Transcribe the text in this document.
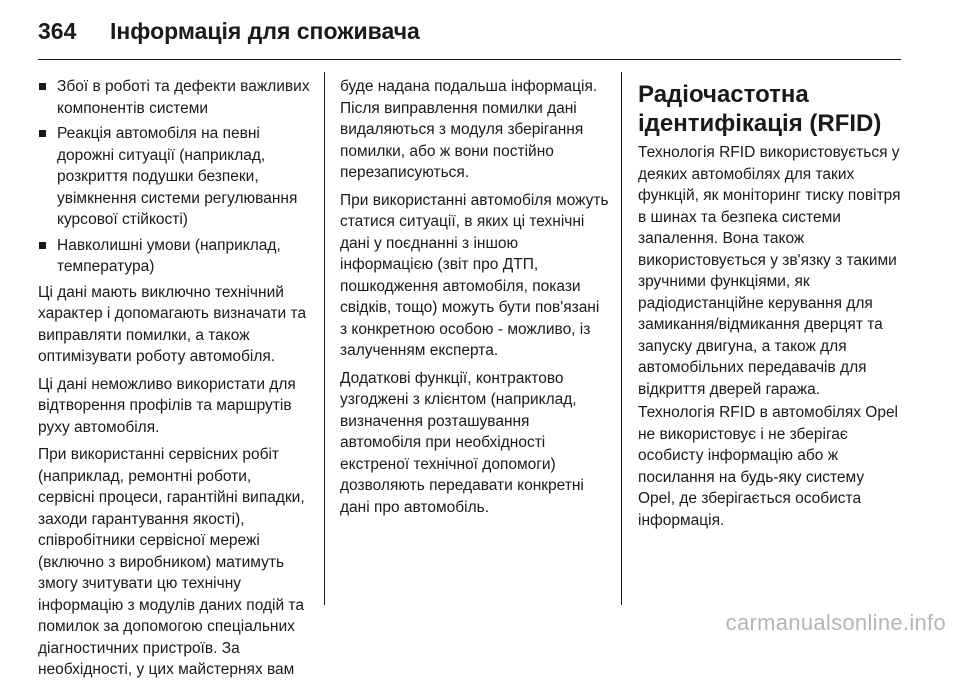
364 Інформація для споживача
Збої в роботі та дефекти важливих компонентів системи
Реакція автомобіля на певні дорожні ситуації (наприклад, розкриття подушки безпеки, увімкнення системи регулювання курсової стійкості)
Навколишні умови (наприклад, температура)

Ці дані мають виключно технічний характер і допомагають визначати та виправляти помилки, а також оптимізувати роботу автомобіля.

Ці дані неможливо використати для відтворення профілів та маршрутів руху автомобіля.

При використанні сервісних робіт (наприклад, ремонтні роботи, сервісні процеси, гарантійні випадки, заходи гарантування якості), співробітники сервісної мережі (включно з виробником) матимуть змогу зчитувати цю технічну інформацію з модулів даних подій та помилок за допомогою спеціальних діагностичних пристроїв. За необхідності, у цих майстернях вам

буде надана подальша інформація. Після виправлення помилки дані видаляються з модуля зберігання помилки, або ж вони постійно перезаписуються.

При використанні автомобіля можуть статися ситуації, в яких ці технічні дані у поєднанні з іншою інформацією (звіт про ДТП, пошкодження автомобіля, покази свідків, тощо) можуть бути пов'язані з конкретною особою - можливо, із залученням експерта.

Додаткові функції, контрактово узгоджені з клієнтом (наприклад, визначення розташування автомобіля при необхідності екстреної технічної допомоги) дозволяють передавати конкретні дані про автомобіль.

Радіочастотна ідентифікація (RFID)

Технологія RFID використовується у деяких автомобілях для таких функцій, як моніторинг тиску повітря в шинах та безпека системи запалення. Вона також використовується у зв'язку з такими зручними функціями, як радіодистанційне керування для замикання/відмикання дверцят та запуску двигуна, а також для автомобільних передавачів для відкриття дверей гаража.

Технологія RFID в автомобілях Opel не використовує і не зберігає особисту інформацію або ж посилання на будь-яку систему Opel, де зберігається особиста інформація.

carmanualsonline.info
